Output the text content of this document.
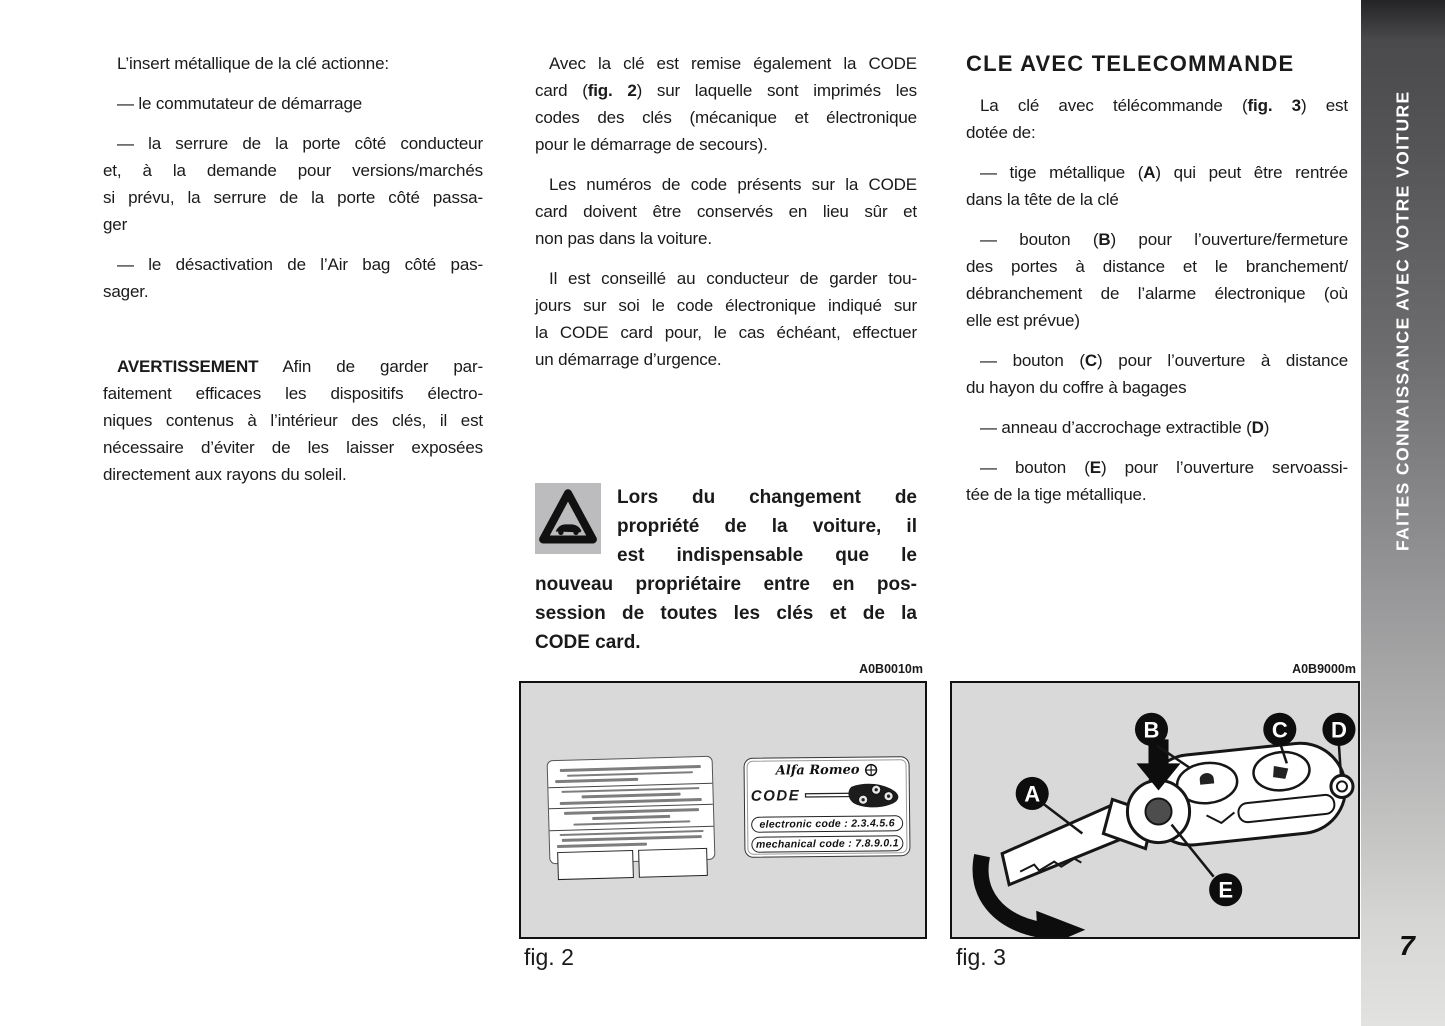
L’insert métallique de la clé actionne:
— le commutateur de démarrage
— la serrure de la porte côté conducteur
et, à la demande pour versions/marchés
si prévu, la serrure de la porte côté passa-
ger
— le désactivation de l’Air bag côté pas-
sager.
AVERTISSEMENT Afin de garder par-
faitement efficaces les dispositifs électro-
niques contenus à l’intérieur des clés, il est
nécessaire d’éviter de les laisser exposées
directement aux rayons du soleil.
Avec la clé est remise également la CODE
card (fig. 2) sur laquelle sont imprimés les
codes des clés (mécanique et électronique
pour le démarrage de secours).
Les numéros de code présents sur la CODE
card doivent être conservés en lieu sûr et
non pas dans la voiture.
Il est conseillé au conducteur de garder tou-
jours sur soi le code électronique indiqué sur
la CODE card pour, le cas échéant, effectuer
un démarrage d’urgence.
Lors du changement de
propriété de la voiture, il
est indispensable que le
nouveau propriétaire entre en pos-
session de toutes les clés et de la
CODE card.
CLE AVEC TELECOMMANDE
La clé avec télécommande (fig. 3) est
dotée de:
— tige métallique (A) qui peut être rentrée
dans la tête de la clé
— bouton (B) pour l’ouverture/fermeture
des portes à distance et le branchement/
débranchement de l’alarme électronique (où
elle est prévue)
— bouton (C) pour l’ouverture à distance
du hayon du coffre à bagages
— anneau d’accrochage extractible (D)
— bouton (E) pour l’ouverture servoassi-
tée de la tige métallique.
A0B0010m
Alfa Romeo
CODE
electronic code : 2.3.4.5.6
mechanical code : 7.8.9.0.1
fig. 2
A0B9000m
A
B	C D
E
fig. 3
FAITES CONNAISSANCE AVEC VOTRE VOITURE
7
